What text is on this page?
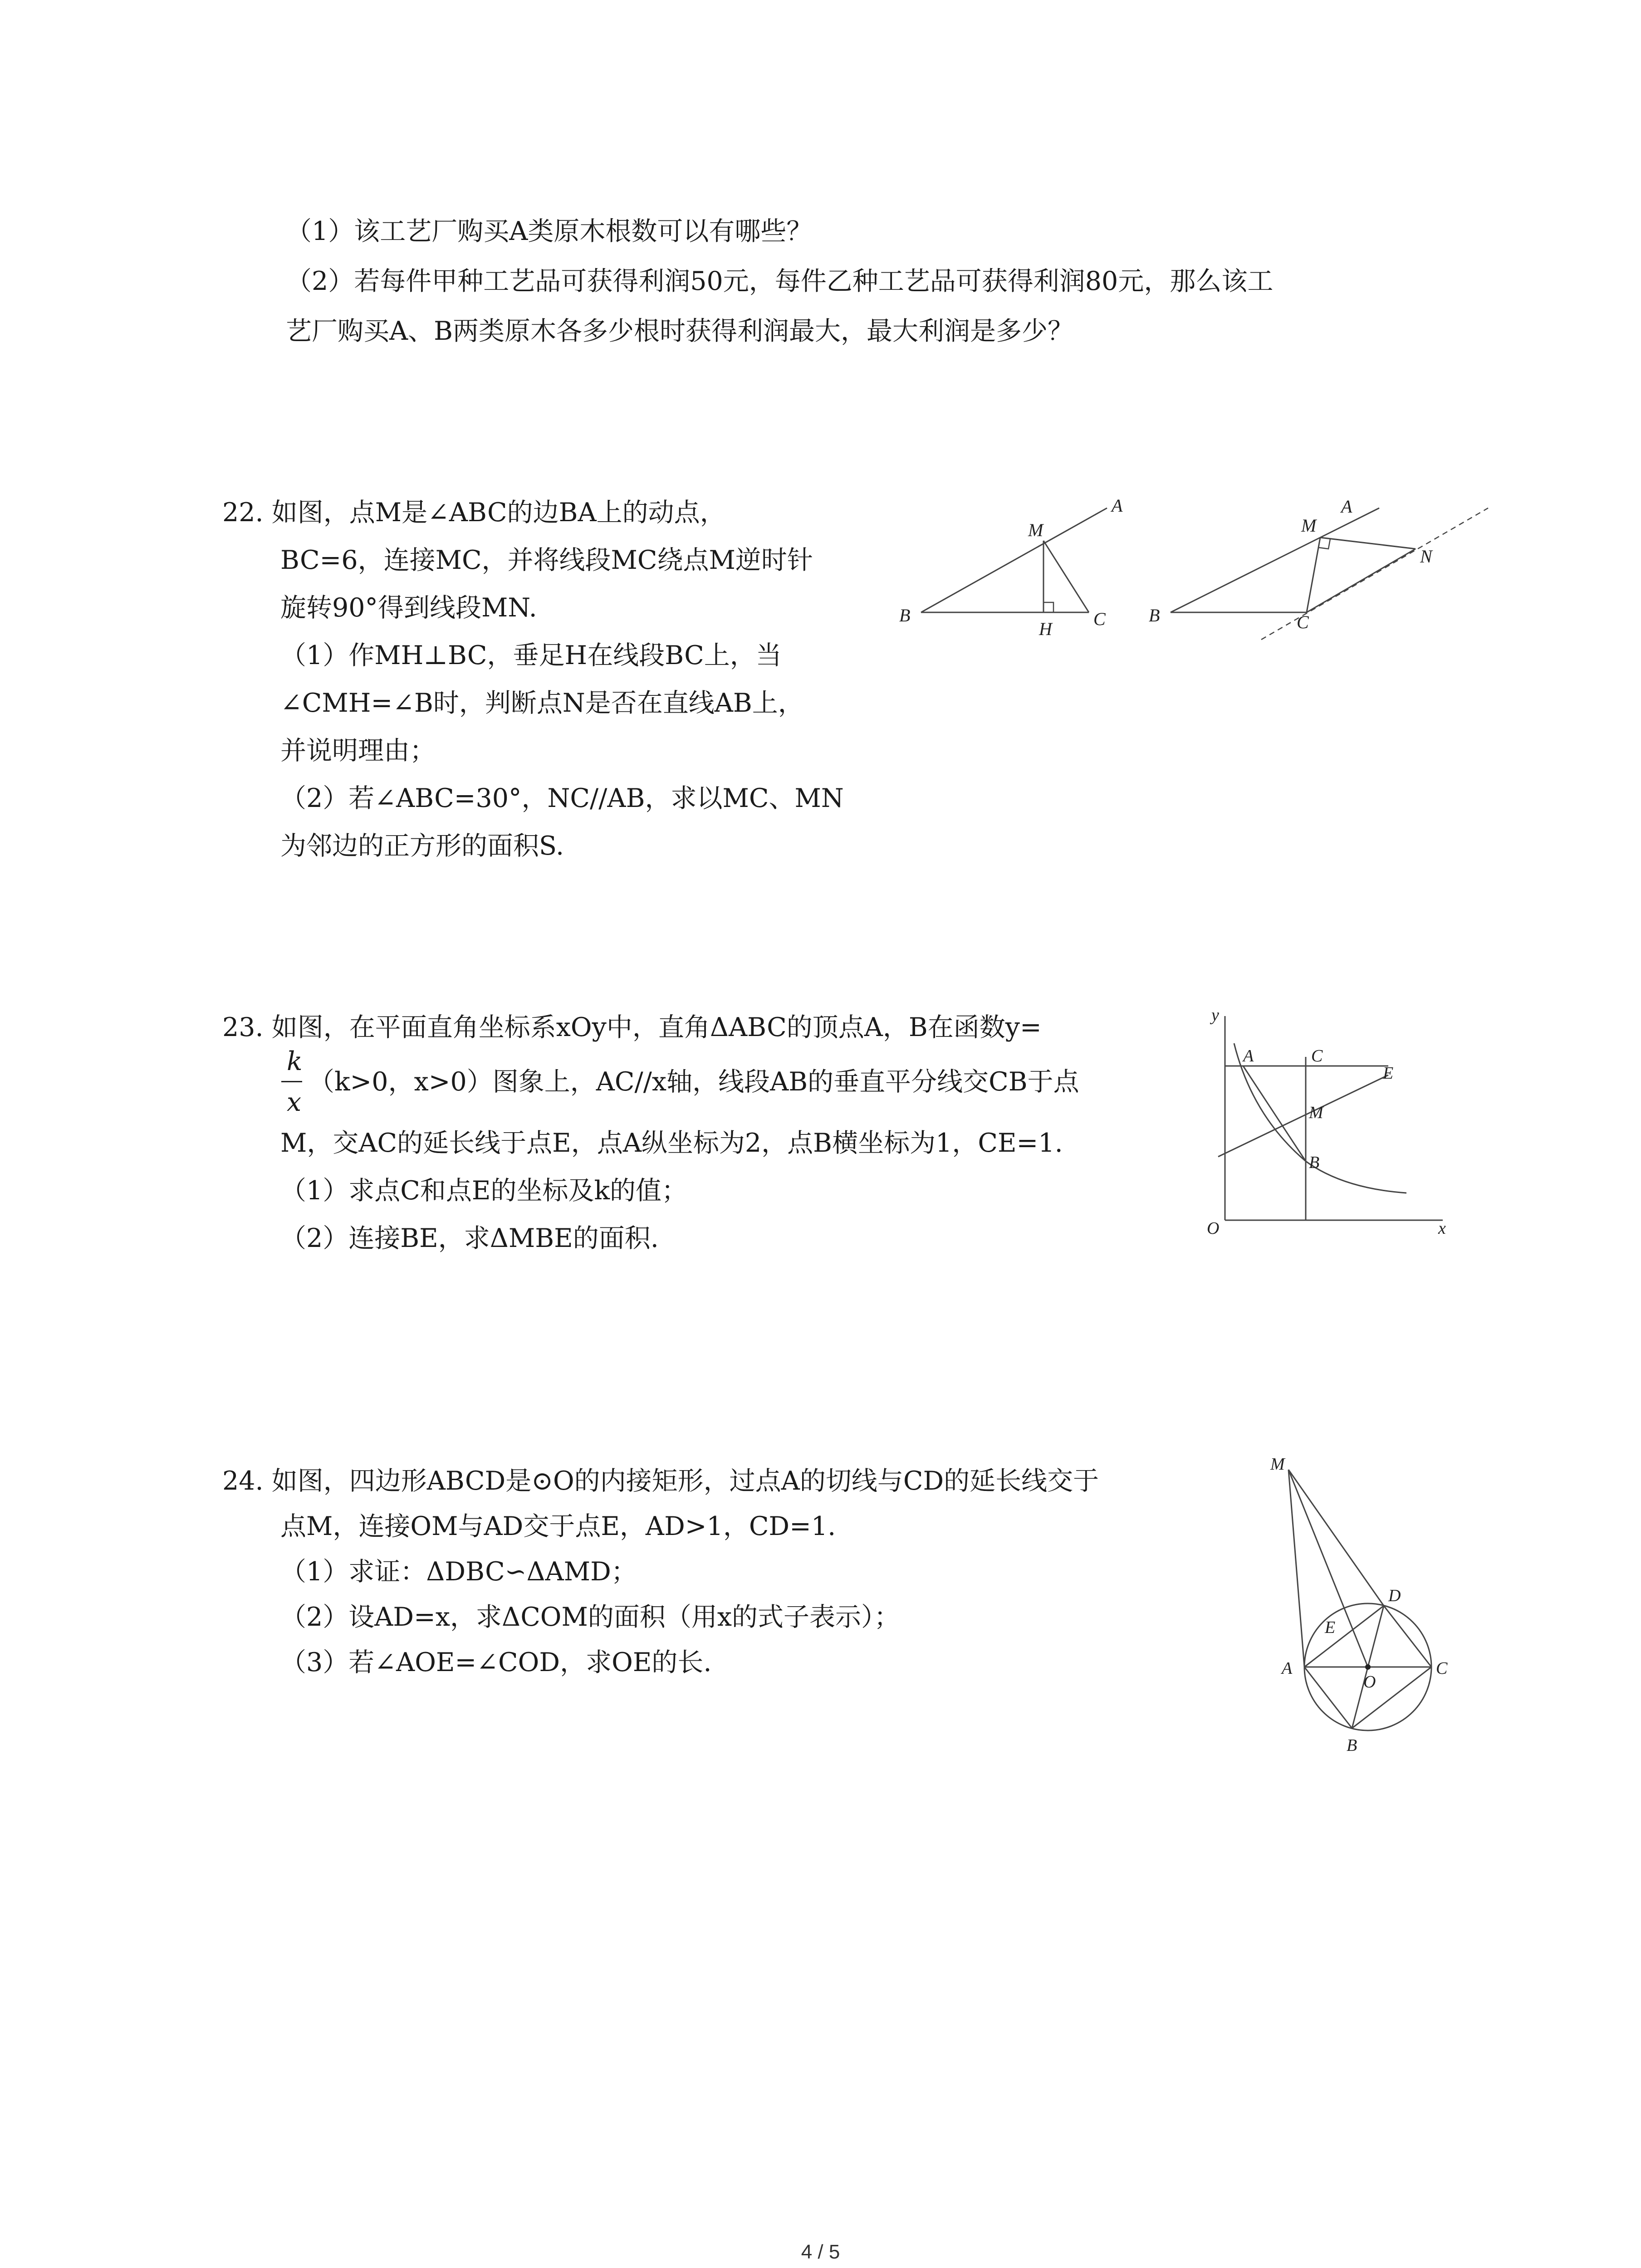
（1）该工艺厂购买A类原木根数可以有哪些？
（2）若每件甲种工艺品可获得利润50元，每件乙种工艺品可获得利润80元，那么该工
艺厂购买A、B两类原木各多少根时获得利润最大，最大利润是多少？
22. 如图，点M是∠ABC的边BA上的动点，
BC=6，连接MC，并将线段MC绕点M逆时针
旋转90°得到线段MN.
（1）作MH⊥BC，垂足H在线段BC上，当
∠CMH=∠B时，判断点N是否在直线AB上，
并说明理由；
（2）若∠ABC=30°，NC//AB，求以MC、MN
为邻边的正方形的面积S.
A
M
B
H C
M
A
N
B	C
23. 如图，在平面直角坐标系xOy中，直角ΔABC的顶点A，B在函数y=
k
x
（k>0，x>0）图象上，AC//x轴，线段AB的垂直平分线交CB于点
M，交AC的延长线于点E，点A纵坐标为2，点B横坐标为1，CE=1.
（1）求点C和点E的坐标及k的值；
（2）连接BE，求ΔMBE的面积.
y
A	C
E
M
B
O	x
24. 如图，四边形ABCD是⊙O的内接矩形，过点A的切线与CD的延长线交于
点M，连接OM与AD交于点E，AD>1，CD=1.
（1）求证：ΔDBC∽ΔAMD；
（2）设AD=x，求ΔCOM的面积（用x的式子表示）；
（3）若∠AOE=∠COD，求OE的长.
M
D
E
A
O
C
B
4 / 5
